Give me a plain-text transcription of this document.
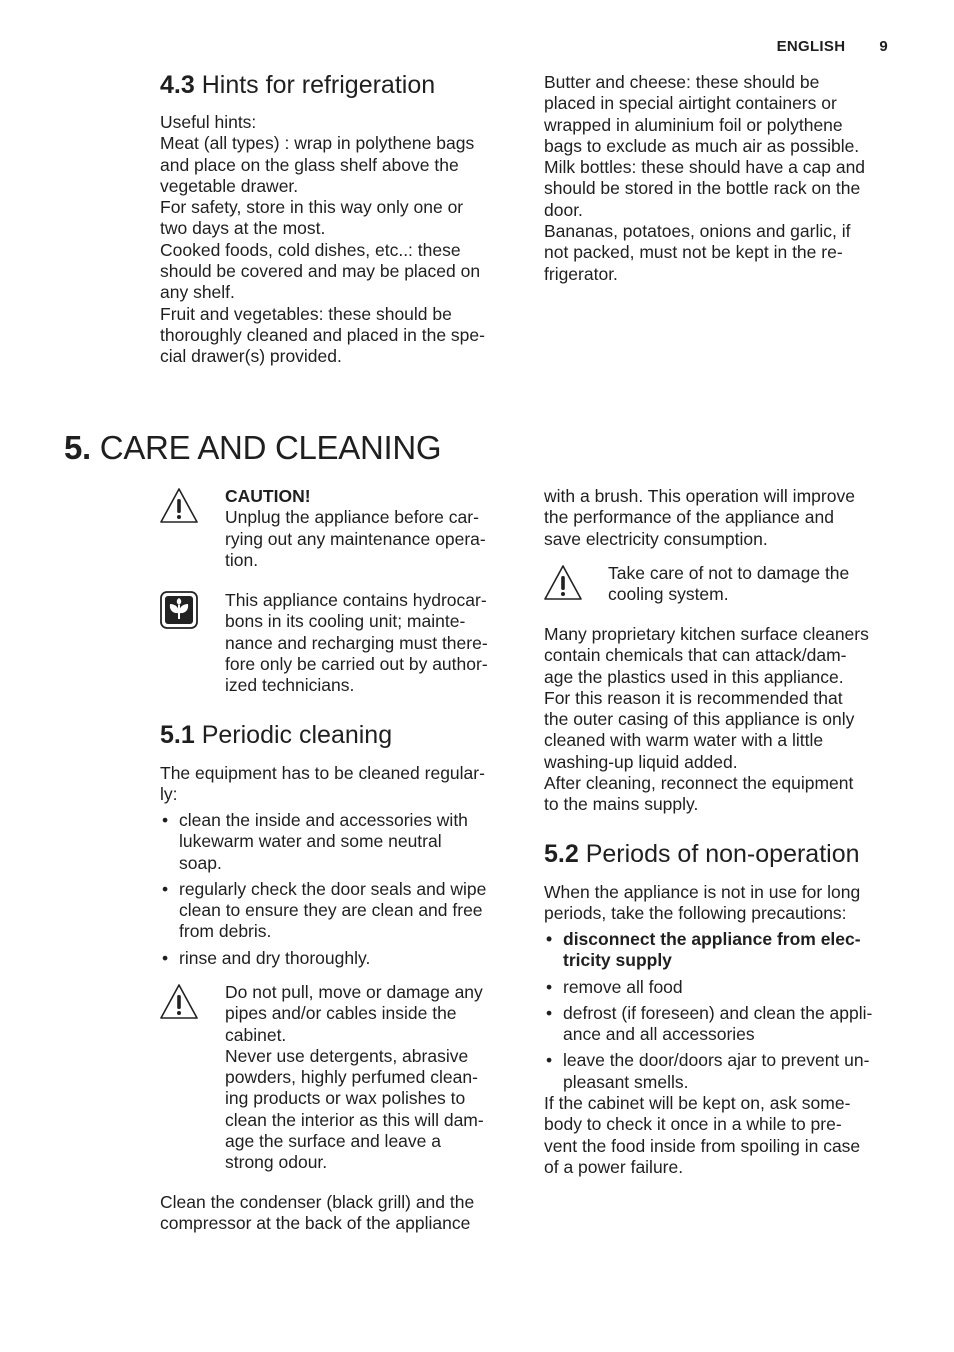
ENGLISH 9
4.3 Hints for refrigeration

Useful hints:
Meat (all types) : wrap in polythene bags
and place on the glass shelf above the
vegetable drawer.
For safety, store in this way only one or
two days at the most.
Cooked foods, cold dishes, etc..: these
should be covered and may be placed on
any shelf.
Fruit and vegetables: these should be
thoroughly cleaned and placed in the spe-
cial drawer(s) provided.

Butter and cheese: these should be
placed in special airtight containers or
wrapped in aluminium foil or polythene
bags to exclude as much air as possible.
Milk bottles: these should have a cap and
should be stored in the bottle rack on the
door.
Bananas, potatoes, onions and garlic, if
not packed, must not be kept in the re-
frigerator.

5. CARE AND CLEANING

CAUTION!

Unplug the appliance before car-
rying out any maintenance opera-
tion.

This appliance contains hydrocar-
bons in its cooling unit; mainte-
nance and recharging must there-
fore only be carried out by author-
ized technicians.

5.1 Periodic cleaning

The equipment has to be cleaned regular-
ly:

• clean the inside and accessories with
lukewarm water and some neutral
soap.
• regularly check the door seals and wipe
clean to ensure they are clean and free
from debris.
• rinse and dry thoroughly.

Do not pull, move or damage any
pipes and/or cables inside the
cabinet.
Never use detergents, abrasive
powders, highly perfumed clean-
ing products or wax polishes to
clean the interior as this will dam-
age the surface and leave a
strong odour.

Clean the condenser (black grill) and the
compressor at the back of the appliance

with a brush. This operation will improve
the performance of the appliance and
save electricity consumption.

Take care of not to damage the
cooling system.

Many proprietary kitchen surface cleaners
contain chemicals that can attack/dam-
age the plastics used in this appliance.
For this reason it is recommended that
the outer casing of this appliance is only
cleaned with warm water with a little
washing-up liquid added.
After cleaning, reconnect the equipment
to the mains supply.

5.2 Periods of non-operation

When the appliance is not in use for long
periods, take the following precautions:

• disconnect the appliance from elec-
tricity supply
• remove all food
• defrost (if foreseen) and clean the appli-
ance and all accessories
• leave the door/doors ajar to prevent un-
pleasant smells.

If the cabinet will be kept on, ask some-
body to check it once in a while to pre-
vent the food inside from spoiling in case
of a power failure.
